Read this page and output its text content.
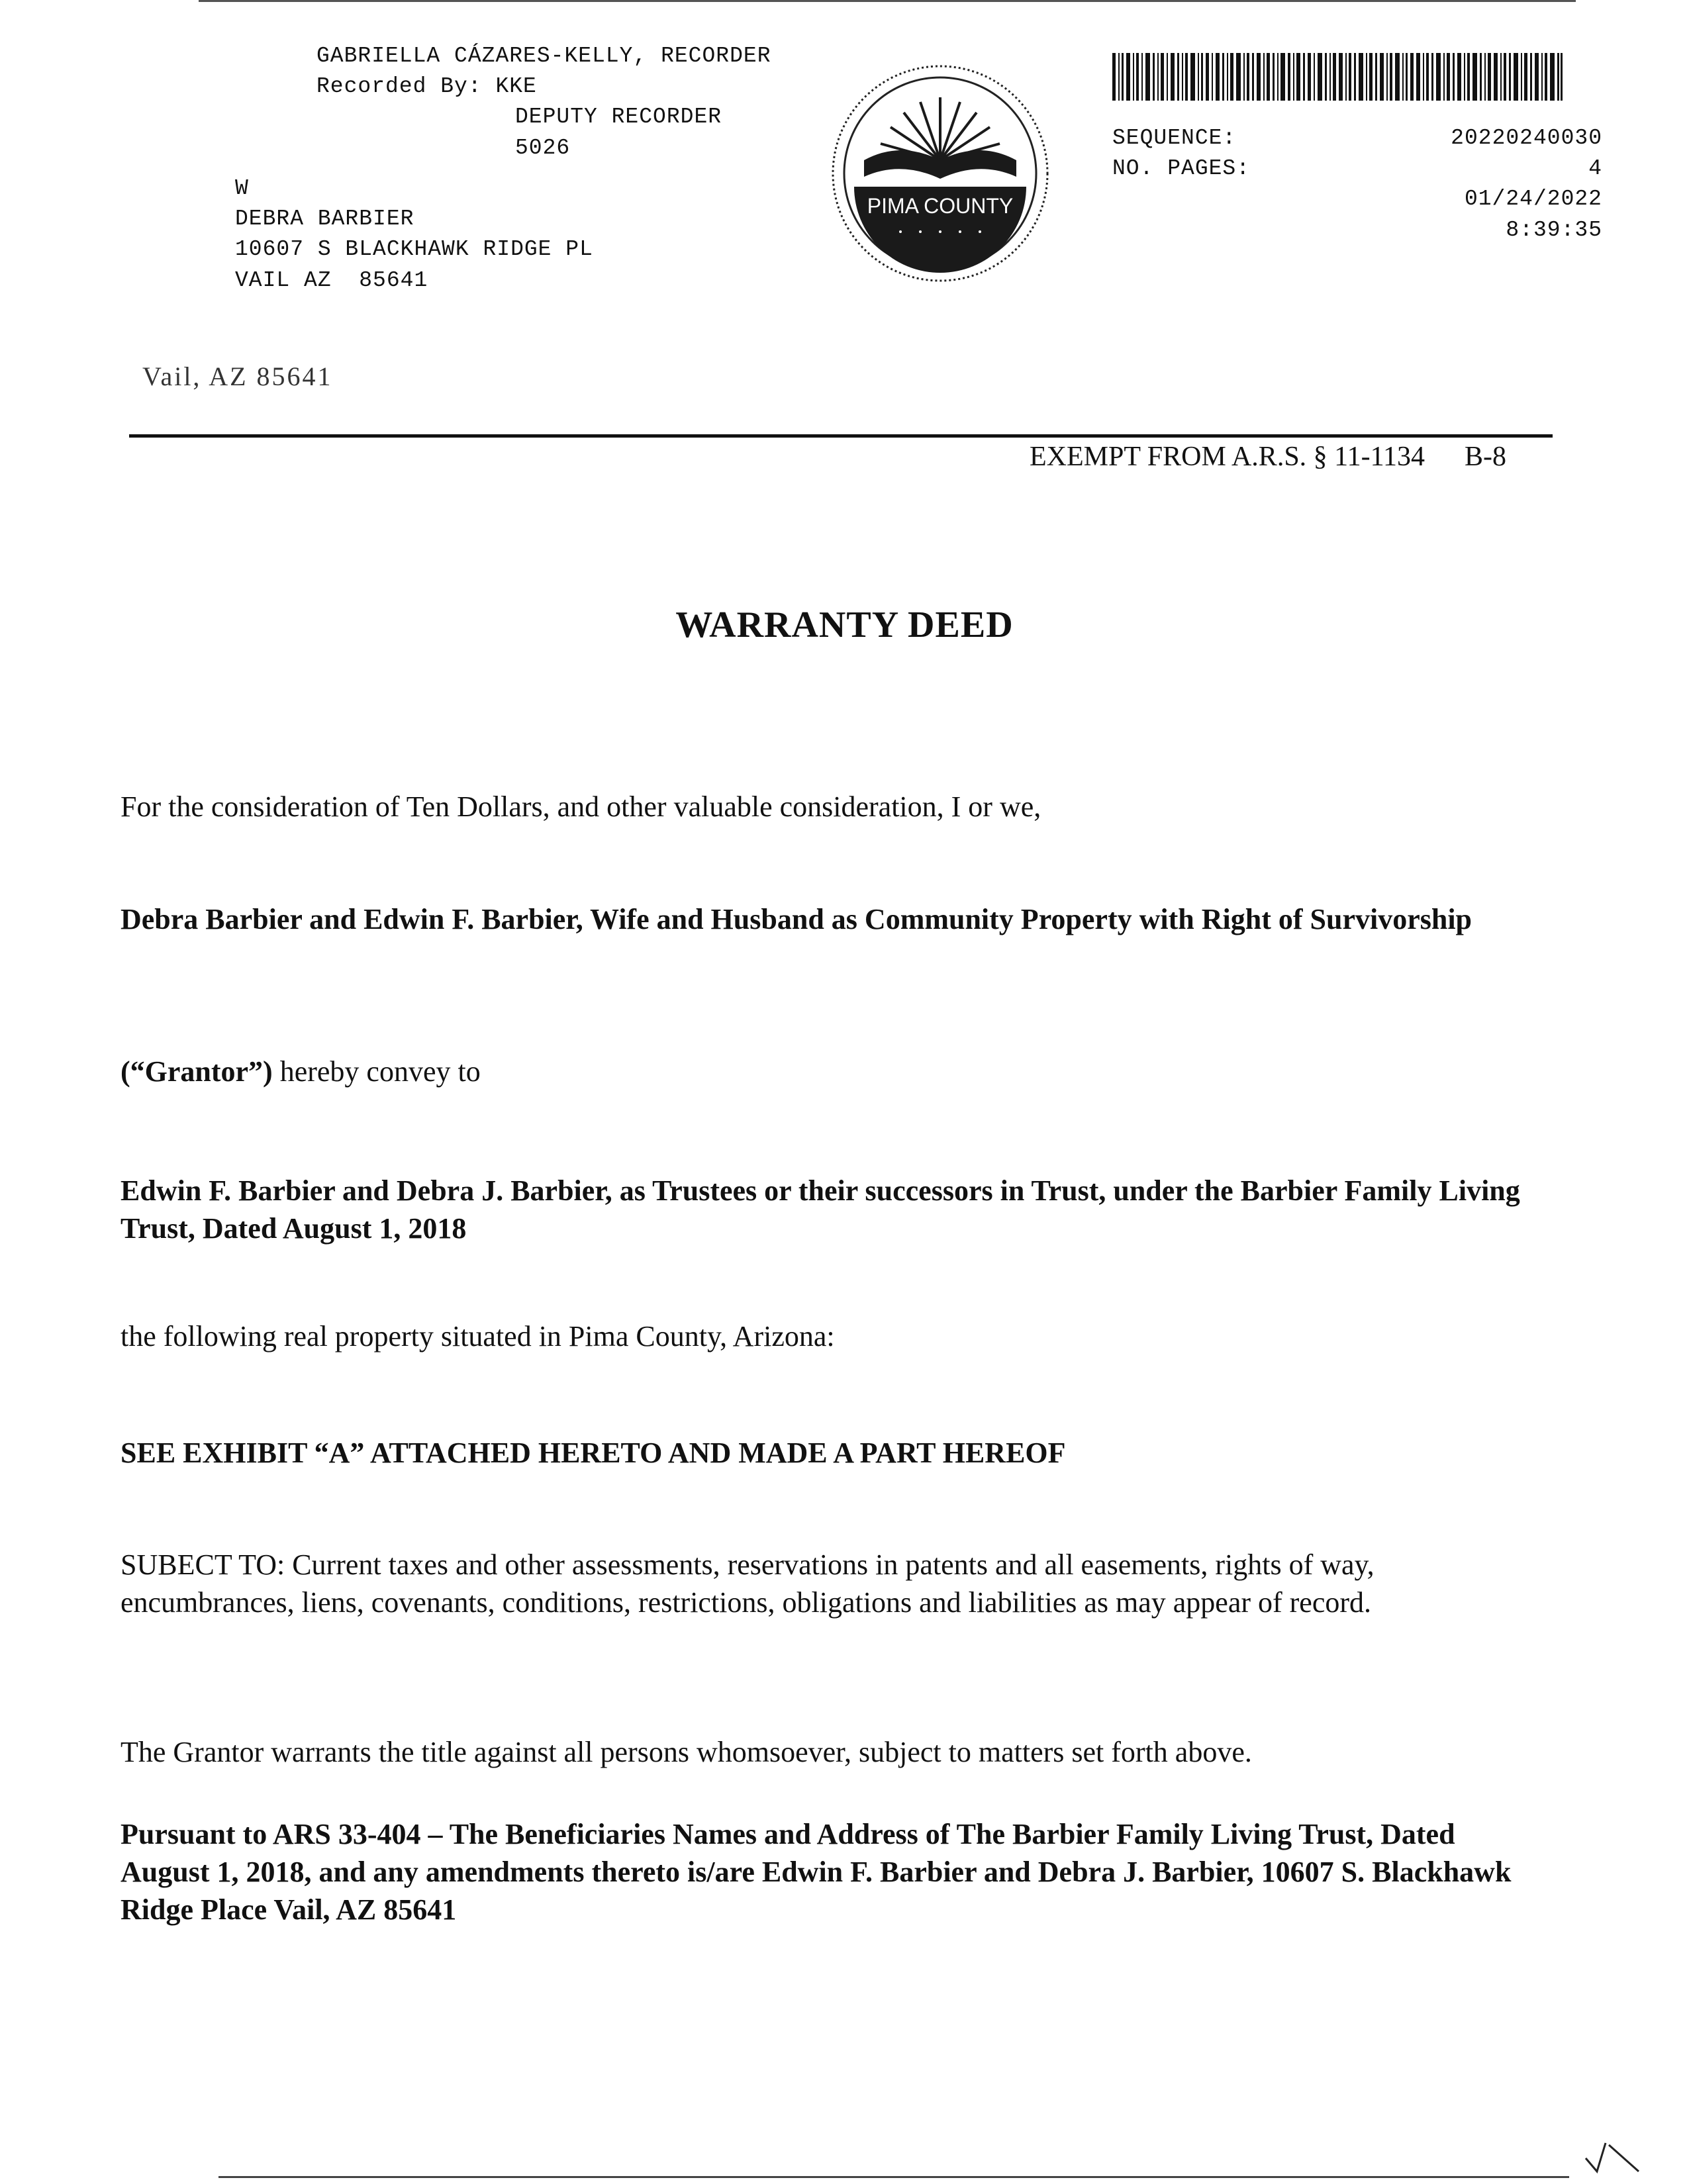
GABRIELLA CÁZARES-KELLY, RECORDER
Recorded By: KKE
DEPUTY RECORDER
5026
W
DEBRA BARBIER
10607 S BLACKHAWK RIDGE PL
VAIL AZ  85641
PIMA COUNTY
SEQUENCE:	20220240030
NO. PAGES:	4
01/24/2022
8:39:35
Vail, AZ 85641
EXEMPT FROM A.R.S. § 11-1134 B-8
WARRANTY DEED

For the consideration of Ten Dollars, and other valuable consideration, I or we,

Debra Barbier and Edwin F. Barbier, Wife and Husband as Community Property with Right of Survivorship

(“Grantor”) hereby convey to

Edwin F. Barbier and Debra J. Barbier, as Trustees or their successors in Trust, under the Barbier Family Living Trust, Dated August 1, 2018

the following real property situated in Pima County, Arizona:

SEE EXHIBIT “A” ATTACHED HERETO AND MADE A PART HEREOF

SUBECT TO: Current taxes and other assessments, reservations in patents and all easements, rights of way, encumbrances, liens, covenants, conditions, restrictions, obligations and liabilities as may appear of record.

The Grantor warrants the title against all persons whomsoever, subject to matters set forth above.

Pursuant to ARS 33-404 – The Beneficiaries Names and Address of The Barbier Family Living Trust, Dated August 1, 2018, and any amendments thereto is/are Edwin F. Barbier and Debra J. Barbier, 10607 S. Blackhawk Ridge Place Vail, AZ 85641
